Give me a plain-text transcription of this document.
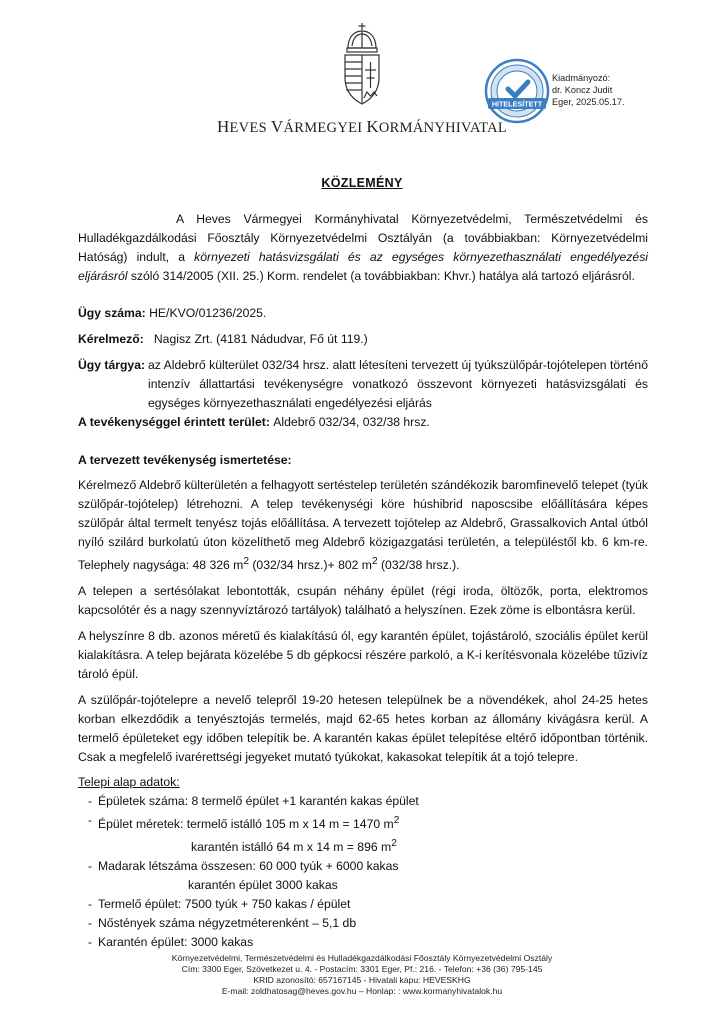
HEVES VÁRMEGYEI KORMÁNYHIVATAL
HITELESÍTETT
Kiadmányozó:
dr. Koncz Judit
Eger, 2025.05.17.
KÖZLEMÉNY
A Heves Vármegyei Kormányhivatal Környezetvédelmi, Természetvédelmi és Hulladékgazdálkodási Főosztály Környezetvédelmi Osztályán (a továbbiakban: Környezetvédelmi Hatóság) indult, a környezeti hatásvizsgálati és az egységes környezethasználati engedélyezési eljárásról szóló 314/2005 (XII. 25.) Korm. rendelet (a továbbiakban: Khvr.) hatálya alá tartozó eljárásról.
Ügy száma:
HE/KVO/01236/2025.
Kérelmező:
Nagisz Zrt. (4181 Nádudvar, Fő út 119.)
Ügy tárgya: az Aldebrő külterület 032/34 hrsz. alatt létesíteni tervezett új tyúkszülőpár-tojótelepen történő intenzív állattartási tevékenységre vonatkozó összevont környezeti hatásvizsgálati és egységes környezethasználati engedélyezési eljárás
A tevékenységgel érintett terület:
Aldebrő 032/34, 032/38 hrsz.
A tervezett tevékenység ismertetése:
Kérelmező Aldebrő külterületén a felhagyott sertéstelep területén szándékozik baromfinevelő telepet (tyúk szülőpár-tojótelep) létrehozni. A telep tevékenységi köre húshibrid naposcsibe előállítására képes szülőpár által termelt tenyész tojás előállítása. A tervezett tojótelep az Aldebrő, Grassalkovich Antal útból nyíló szilárd burkolatú úton közelíthető meg Aldebrő közigazgatási területén, a településtől kb. 6 km-re. Telephely nagysága: 48 326 $m^2$ (032/34 hrsz.)+ 802 $m^2$ (032/38 hrsz.).
A telepen a sertésólakat lebontották, csupán néhány épület (régi iroda, öltözők, porta, elektromos kapcsolótér és a nagy szennyvíztározó tartályok) található a helyszínen. Ezek zöme is elbontásra kerül.
A helyszínre 8 db. azonos méretű és kialakítású ól, egy karantén épület, tojástároló, szociális épület kerül kialakításra. A telep bejárata közelébe 5 db gépkocsi részére parkoló, a K-i kerítésvonala közelébe tűzivíz tároló épül.
A szülőpár-tojótelepre a nevelő telepről 19-20 hetesen települnek be a növendékek, ahol 24-25 hetes korban elkezdődik a tenyésztojás termelés, majd 62-65 hetes korban az állomány kivágásra kerül. A termelő épületeket egy időben telepítik be. A karantén kakas épület telepítése eltérő időpontban történik. Csak a megfelelő ivarérettségi jegyeket mutató tyúkokat, kakasokat telepítik át a tojó telepre.
Telepi alap adatok:
- Épületek száma: 8 termelő épület +1 karantén kakas épület
- Épület méretek: termelő istálló 105 m x 14 m = 1470 $m^2$
karantén istálló 64 m x 14 m = 896 $m^2$
- Madarak létszáma összesen: 60 000 tyúk + 6000 kakas
karantén épület 3000 kakas
- Termelő épület: 7500 tyúk + 750 kakas / épület
- Nőstények száma négyzetméterenként – 5,1 db
- Karantén épület: 3000 kakas
Környezetvédelmi, Természetvédelmi és Hulladékgazdálkodási Főosztály Környezetvédelmi Osztály
Cím: 3300 Eger, Szövetkezet u. 4. - Postacím: 3301 Eger, Pf.: 216. - Telefon: +36 (36) 795-145
KRID azonosító: 657167145 - Hivatali kapu: HEVESKHG
E-mail: zoldhatosag@heves.gov.hu – Honlap: : www.kormanyhivatalok.hu
